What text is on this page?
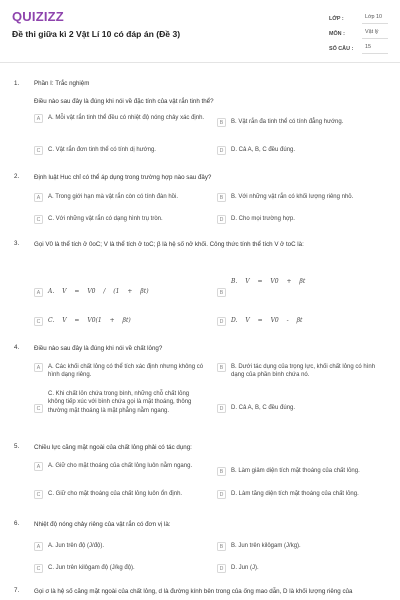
QUIZIZZ
Đề thi giữa kì 2 Vật Lí 10 có đáp án (Đề 3)
LỚP :	Lớp 10
MÔN :	Vật lý
SỐ CÂU :	15
1. Phần I: Trắc nghiệm
Điều nào sau đây là đúng khi nói về đặc tính của vật rắn tinh thể?
A	A. Mỗi vật rắn tinh thể đều có nhiệt độ nóng chảy xác định.
B	B. Vật rắn đa tinh thể có tính đẳng hướng.
C	C. Vật rắn đơn tinh thể có tính dị hướng.	D	D. Cả A, B, C đều đúng.
2. Định luật Huc chỉ có thể áp dụng trong trường hợp nào sau đây?
A	A. Trong giới hạn mà vật rắn còn có tính đàn hồi.	B	B. Với những vật rắn có khối lượng riêng nhỏ.
C	C. Với những vật rắn có dạng hình trụ tròn.	D	D. Cho mọi trường hợp.
3. Gọi V0 là thể tích ở 0oC; V là thể tích ở toC; β là hệ số nở khối. Công thức tính thể tích V ở toC là:
A	A. V = V0 / (1 + βt)	B
B. V = V0 + βt
C	C. V = V0(1 + βt)	D	D. V = V0 - βt
4. Điều nào sau đây là đúng khi nói về chất lỏng?
A	A. Các khối chất lỏng có thể tích xác định nhưng không có hình dạng riêng.
B	B. Dưới tác dụng của trọng lực, khối chất lỏng có hình dạng của phần bình chứa nó.
C
C. Khi chất lỏn chứa trong bình, những chỗ chất lỏng không tiếp xúc với bình chứa gọi là mặt thoáng, thông thường mặt thoáng là mặt phẳng nằm ngang.	D	D. Cả A, B, C đều đúng.
5. Chiều lực căng mặt ngoài của chất lỏng phải có tác dụng:
A	A. Giữ cho mặt thoáng của chất lỏng luôn nằm ngang.
B	B. Làm giảm diện tích mặt thoáng của chất lỏng.
C	C. Giữ cho mặt thoáng của chất lỏng luôn ổn định.	D	D. Làm tăng diện tích mặt thoáng của chất lỏng.
6. Nhiệt độ nóng chảy riêng của vật rắn có đơn vị là:
A	A. Jun trên độ (J/độ).	B	B. Jun trên kilôgam (J/kg).
C	C. Jun trên kilôgam độ (J/kg độ).	D	D. Jun (J).
7. Gọi σ là hệ số căng mặt ngoài của chất lỏng, d là đường kính bên trong của ống mao dẫn, D là khối lượng riêng của
